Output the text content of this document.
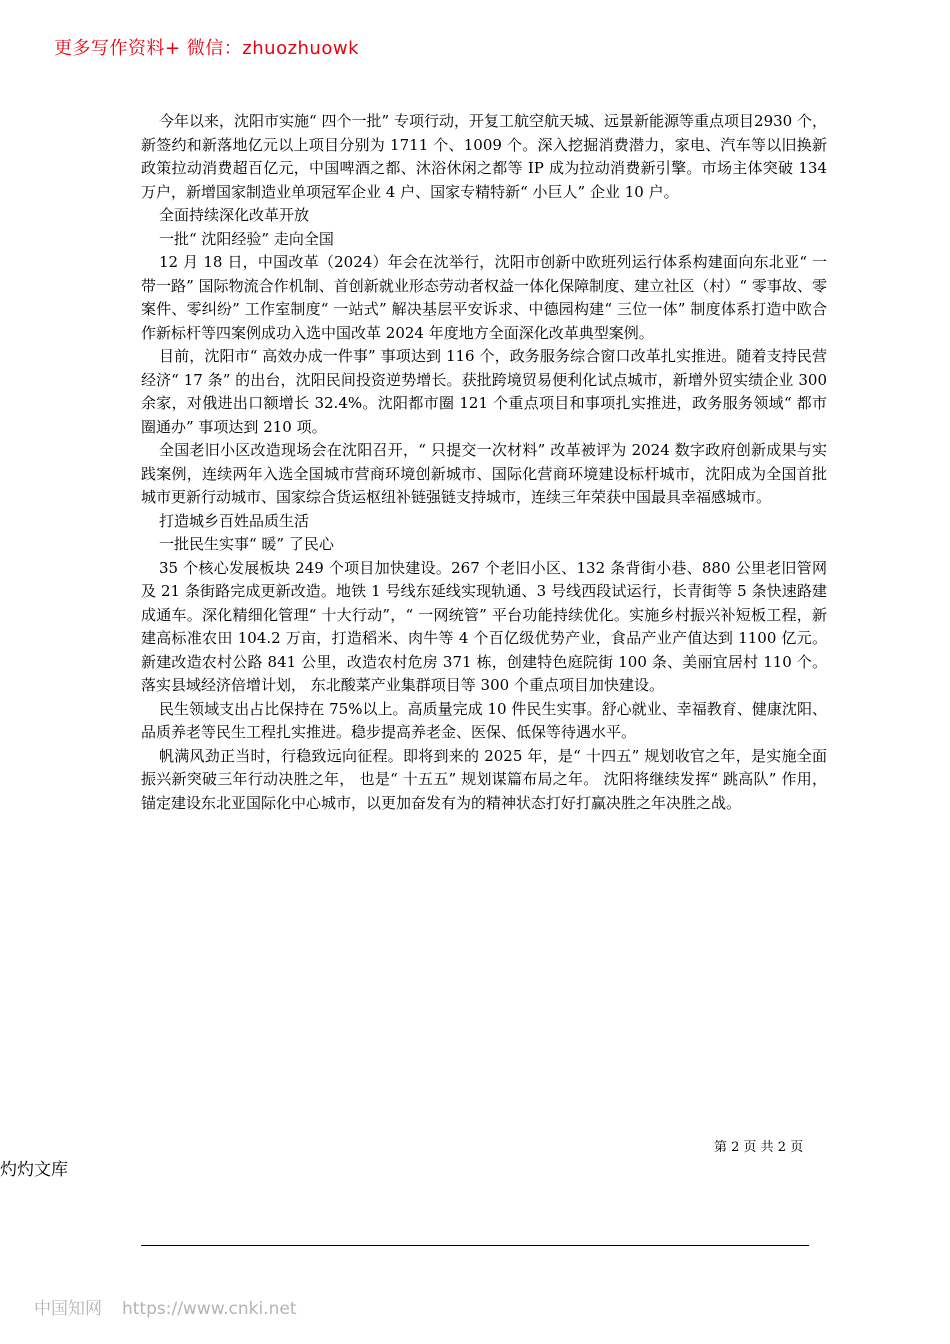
更多写作资料+ 微信：zhuozhuowk

今年以来，沈阳市实施“ 四个一批” 专项行动，开复工航空航天城、远景新能源等重点项目2930 个，新签约和新落地亿元以上项目分别为 1711 个、1009 个。深入挖掘消费潜力，家电、汽车等以旧换新政策拉动消费超百亿元，中国啤酒之都、沐浴休闲之都等 IP 成为拉动消费新引擎。市场主体突破 134 万户，新增国家制造业单项冠军企业 4 户、国家专精特新“ 小巨人” 企业 10 户。

全面持续深化改革开放

一批“ 沈阳经验” 走向全国

12 月 18 日，中国改革（2024）年会在沈举行，沈阳市创新中欧班列运行体系构建面向东北亚“ 一带一路” 国际物流合作机制、首创新就业形态劳动者权益一体化保障制度、建立社区（村）“ 零事故、零案件、零纠纷” 工作室制度“ 一站式” 解决基层平安诉求、中德园构建“ 三位一体” 制度体系打造中欧合作新标杆等四案例成功入选中国改革 2024 年度地方全面深化改革典型案例。

目前，沈阳市“ 高效办成一件事” 事项达到 116 个，政务服务综合窗口改革扎实推进。随着支持民营经济“ 17 条” 的出台，沈阳民间投资逆势增长。获批跨境贸易便利化试点城市，新增外贸实绩企业 300 余家，对俄进出口额增长 32.4%。沈阳都市圈 121 个重点项目和事项扎实推进，政务服务领域“ 都市圈通办” 事项达到 210 项。

全国老旧小区改造现场会在沈阳召开，“ 只提交一次材料” 改革被评为 2024 数字政府创新成果与实践案例，连续两年入选全国城市营商环境创新城市、国际化营商环境建设标杆城市，沈阳成为全国首批城市更新行动城市、国家综合货运枢纽补链强链支持城市，连续三年荣获中国最具幸福感城市。

打造城乡百姓品质生活

一批民生实事“ 暖” 了民心

35 个核心发展板块 249 个项目加快建设。267 个老旧小区、132 条背街小巷、880 公里老旧管网及 21 条街路完成更新改造。地铁 1 号线东延线实现轨通、3 号线西段试运行，长青街等 5 条快速路建成通车。深化精细化管理“ 十大行动”，“ 一网统管” 平台功能持续优化。实施乡村振兴补短板工程，新建高标准农田 104.2 万亩，打造稻米、肉牛等 4 个百亿级优势产业，食品产业产值达到 1100 亿元。新建改造农村公路 841 公里，改造农村危房 371 栋，创建特色庭院街 100 条、美丽宜居村 110 个。 落实县域经济倍增计划， 东北酸菜产业集群项目等 300 个重点项目加快建设。

民生领域支出占比保持在 75%以上。高质量完成 10 件民生实事。舒心就业、幸福教育、健康沈阳、品质养老等民生工程扎实推进。稳步提高养老金、医保、低保等待遇水平。

帆满风劲正当时，行稳致远向征程。即将到来的 2025 年，是“ 十四五” 规划收官之年，是实施全面振兴新突破三年行动决胜之年， 也是“ 十五五” 规划谋篇布局之年。 沈阳将继续发挥“ 跳高队” 作用，锚定建设东北亚国际化中心城市，以更加奋发有为的精神状态打好打赢决胜之年决胜之战。

第 2 页 共 2 页
灼灼文库
中国知网 https://www.cnki.net
